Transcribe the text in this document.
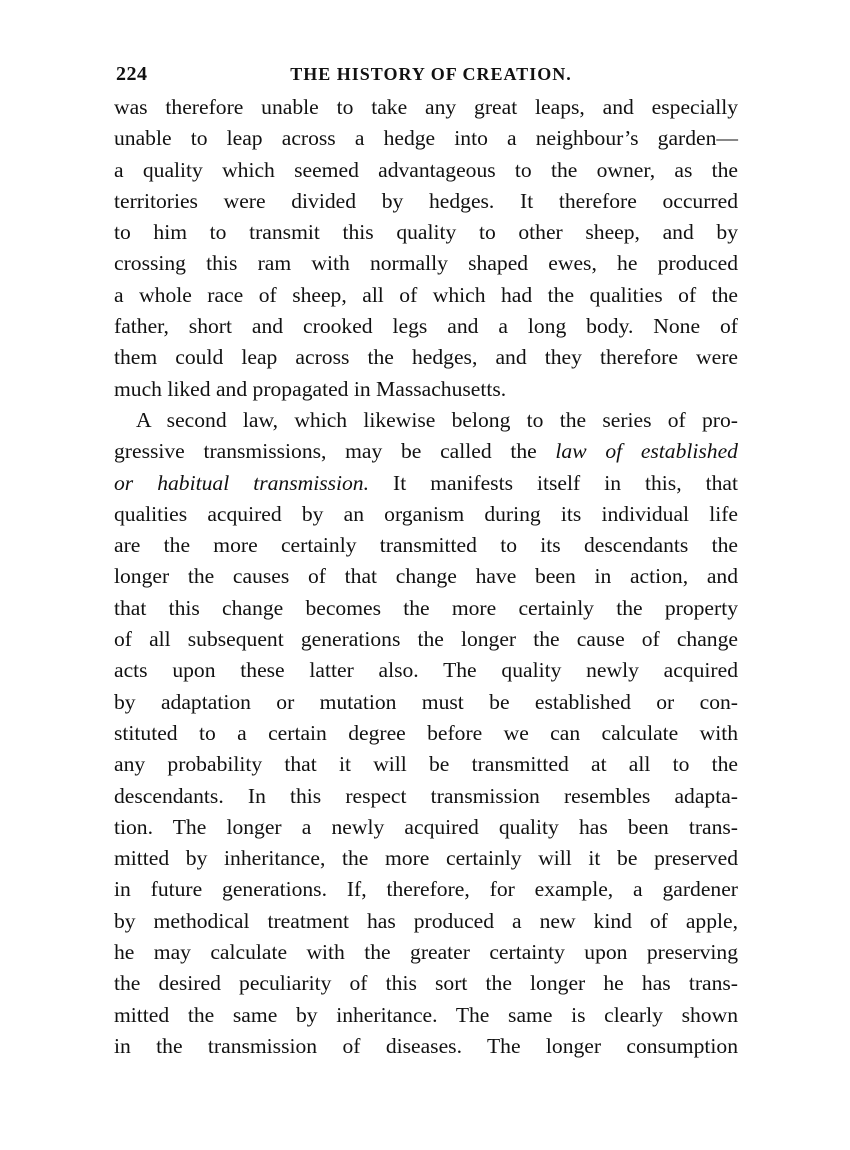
224	THE HISTORY OF CREATION.
was therefore unable to take any great leaps, and especially
unable to leap across a hedge into a neighbour’s garden—
a quality which seemed advantageous to the owner, as the
territories were divided by hedges. It therefore occurred
to him to transmit this quality to other sheep, and by
crossing this ram with normally shaped ewes, he produced
a whole race of sheep, all of which had the qualities of the
father, short and crooked legs and a long body. None of
them could leap across the hedges, and they therefore were
much liked and propagated in Massachusetts.
A second law, which likewise belong to the series of pro-
gressive transmissions, may be called the law of established
or habitual transmission. It manifests itself in this, that
qualities acquired by an organism during its individual life
are the more certainly transmitted to its descendants the
longer the causes of that change have been in action, and
that this change becomes the more certainly the property
of all subsequent generations the longer the cause of change
acts upon these latter also. The quality newly acquired
by adaptation or mutation must be established or con-
stituted to a certain degree before we can calculate with
any probability that it will be transmitted at all to the
descendants. In this respect transmission resembles adapta-
tion. The longer a newly acquired quality has been trans-
mitted by inheritance, the more certainly will it be preserved
in future generations. If, therefore, for example, a gardener
by methodical treatment has produced a new kind of apple,
he may calculate with the greater certainty upon preserving
the desired peculiarity of this sort the longer he has trans-
mitted the same by inheritance. The same is clearly shown
in the transmission of diseases. The longer consumption
